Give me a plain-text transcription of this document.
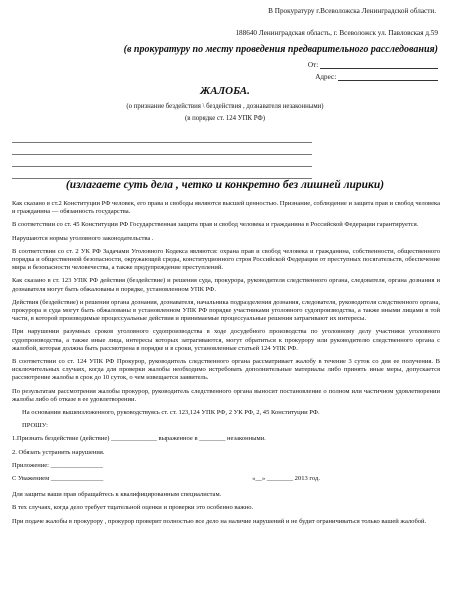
В Прокуратуру г.Всеволожска Ленинградской области.
188640 Ленинградская область, г. Всеволожск ул. Павловская д.59
(в прокуратуру по месту проведения предварительного расследования)
От:
Адрес:
ЖАЛОБА.
(о признание бездействия \ бездействия , дознавателя незаконными)
(в порядке ст. 124 УПК РФ)
(излагаете суть дела , четко и конкретно без лишней лирики)

Как сказано в ст.2 Конституции РФ человек, его права и свободы являются высшей ценностью. Признание, соблюдение и защита прав и свобод человека и гражданина — обязанность государства.

В соответствии со ст. 45 Конституции РФ Государственная защита прав и свобод человека и гражданина в Российской Федерации гарантируется.

Нарушаются нормы уголовного законодательства .

В соответствии со ст. 2 УК РФ Задачами Уголовного Кодекса являются: охрана прав и свобод человека и гражданина, собственности, общественного порядка и общественной безопасности, окружающей среды, конституционного строя Российской Федерации от преступных посягательств, обеспечение мира и безопасности человечества, а также предупреждение преступлений.

Как сказано в ст. 123 УПК РФ действия (бездействие) и решения суда, прокурора, руководителя следственного органа, следователя, органа дознания и дознавателя могут быть обжалованы в порядке, установленном УПК РФ.

Действия (бездействие) и решения органа дознания, дознавателя, начальника подразделения дознания, следователя, руководителя следственного органа, прокурора и суда могут быть обжалованы в установленном УПК РФ порядке участниками уголовного судопроизводства, а также иными лицами в той части, в которой производимые процессуальные действия и принимаемые процессуальные решения затрагивают их интересы.

При нарушении разумных сроков уголовного судопроизводства в ходе досудебного производства по уголовному делу участники уголовного судопроизводства, а также иные лица, интересы которых затрагиваются, могут обратиться к прокурору или руководителю следственного органа с жалобой, которая должна быть рассмотрена в порядке и в сроки, установленные статьей 124 УПК РФ.

В соответствии со ст. 124 УПК РФ Прокурор, руководитель следственного органа рассматривает жалобу в течение 3 суток со дня ее получения. В исключительных случаях, когда для проверки жалобы необходимо истребовать дополнительные материалы либо принять иные меры, допускается рассмотрение жалобы в срок до 10 суток, о чем извещается заявитель.

По результатам рассмотрения жалобы прокурор, руководитель следственного органа выносит постановление о полном или частичном удовлетворении жалобы либо об отказе в ее удовлетворении.

На основании вышеизложенного, руководствуясь ст. ст. 123,124 УПК РФ, 2 УК РФ, 2, 45 Конституции РФ.

ПРОШУ:

1.Признать бездействие (действие) ______________ выраженное в ________ незаконными.

2. Обязать устранить нарушения.

Приложение: ________________

С Уважением ________________	«__» ________ 2013 год.

Для защиты ваши прав обращайтесь к квалифицированным специалистам.

В тех случаях, когда дело требует тщательной оценки и проверки это особенно важно.

При подаче жалобы в прокурору , прокурор проверит полностью все дело на наличие нарушений и не будит ограничиваться только вашей жалобой.
